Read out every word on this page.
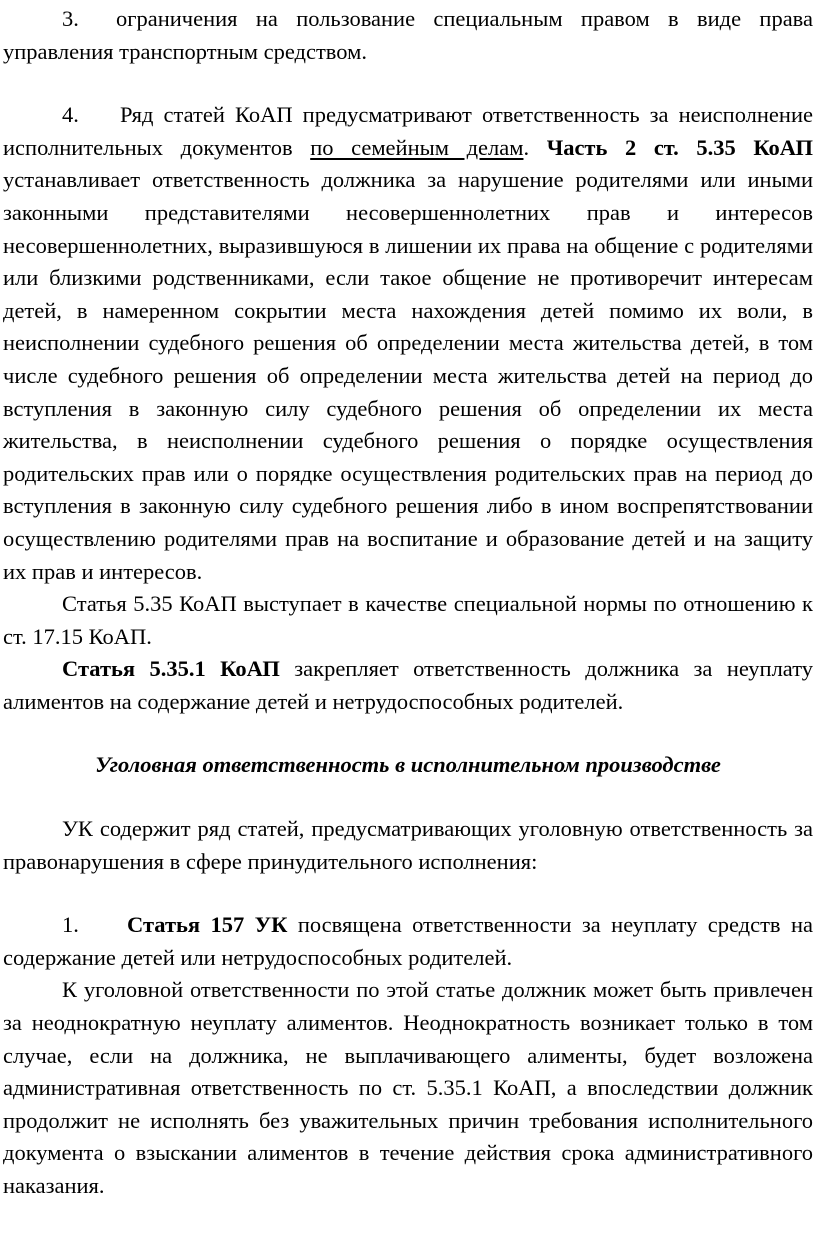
3. ограничения на пользование специальным правом в виде права управления транспортным средством.

4. Ряд статей КоАП предусматривают ответственность за неисполнение исполнительных документов по семейным делам. Часть 2 ст. 5.35 КоАП устанавливает ответственность должника за нарушение родителями или иными законными представителями несовершеннолетних прав и интересов несовершеннолетних, выразившуюся в лишении их права на общение с родителями или близкими родственниками, если такое общение не противоречит интересам детей, в намеренном сокрытии места нахождения детей помимо их воли, в неисполнении судебного решения об определении места жительства детей, в том числе судебного решения об определении места жительства детей на период до вступления в законную силу судебного решения об определении их места жительства, в неисполнении судебного решения о порядке осуществления родительских прав или о порядке осуществления родительских прав на период до вступления в законную силу судебного решения либо в ином воспрепятствовании осуществлению родителями прав на воспитание и образование детей и на защиту их прав и интересов.

Статья 5.35 КоАП выступает в качестве специальной нормы по отношению к ст. 17.15 КоАП.

Статья 5.35.1 КоАП закрепляет ответственность должника за неуплату алиментов на содержание детей и нетрудоспособных родителей.

Уголовная ответственность в исполнительном производстве

УК содержит ряд статей, предусматривающих уголовную ответственность за правонарушения в сфере принудительного исполнения:

1. Статья 157 УК посвящена ответственности за неуплату средств на содержание детей или нетрудоспособных родителей.

К уголовной ответственности по этой статье должник может быть привлечен за неоднократную неуплату алиментов. Неоднократность возникает только в том случае, если на должника, не выплачивающего алименты, будет возложена административная ответственность по ст. 5.35.1 КоАП, а впоследствии должник продолжит не исполнять без уважительных причин требования исполнительного документа о взыскании алиментов в течение действия срока административного наказания.
